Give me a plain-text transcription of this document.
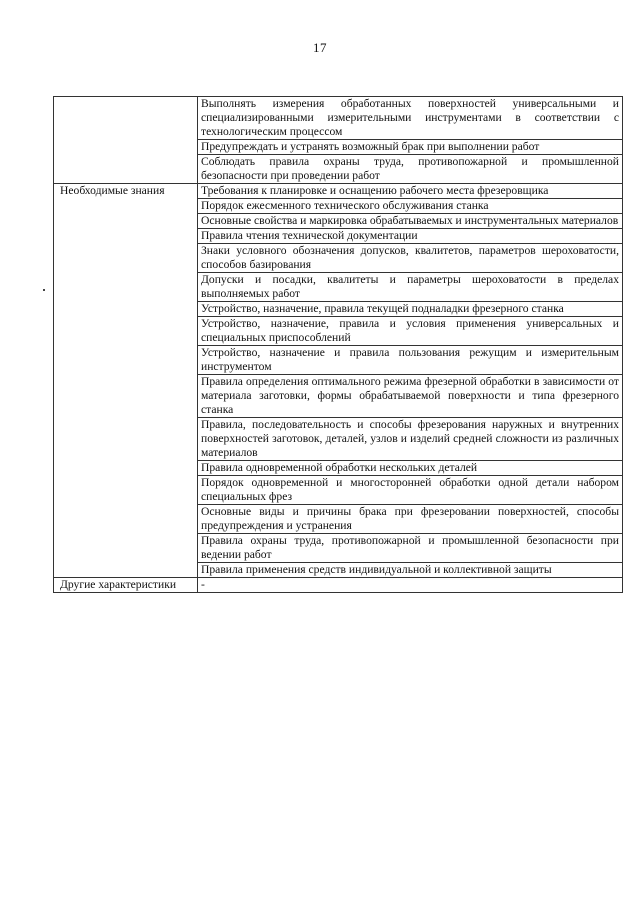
17

	Выполнять измерения обработанных поверхностей универсальными и специализированными измерительными инструментами в соответствии с технологическим процессом

	Предупреждать и устранять возможный брак при выполнении работ

	Соблюдать правила охраны труда, противопожарной и промышленной безопасности при проведении работ

Необходимые знания	Требования к планировке и оснащению рабочего места фрезеровщика

	Порядок ежесменного технического обслуживания станка

	Основные свойства и маркировка обрабатываемых и инструментальных материалов

	Правила чтения технической документации

	Знаки условного обозначения допусков, квалитетов, параметров шероховатости, способов базирования

	Допуски и посадки, квалитеты и параметры шероховатости в пределах выполняемых работ

	Устройство, назначение, правила текущей подналадки фрезерного станка

	Устройство, назначение, правила и условия применения универсальных и специальных приспособлений

	Устройство, назначение и правила пользования режущим и измерительным инструментом

	Правила определения оптимального режима фрезерной обработки в зависимости от материала заготовки, формы обрабатываемой поверхности и типа фрезерного станка

	Правила, последовательность и способы фрезерования наружных и внутренних поверхностей заготовок, деталей, узлов и изделий средней сложности из различных материалов

	Правила одновременной обработки нескольких деталей

	Порядок одновременной и многосторонней обработки одной детали набором специальных фрез

	Основные виды и причины брака при фрезеровании поверхностей, способы предупреждения и устранения

	Правила охраны труда, противопожарной и промышленной безопасности при ведении работ

	Правила применения средств индивидуальной и коллективной защиты

Другие характеристики	-
